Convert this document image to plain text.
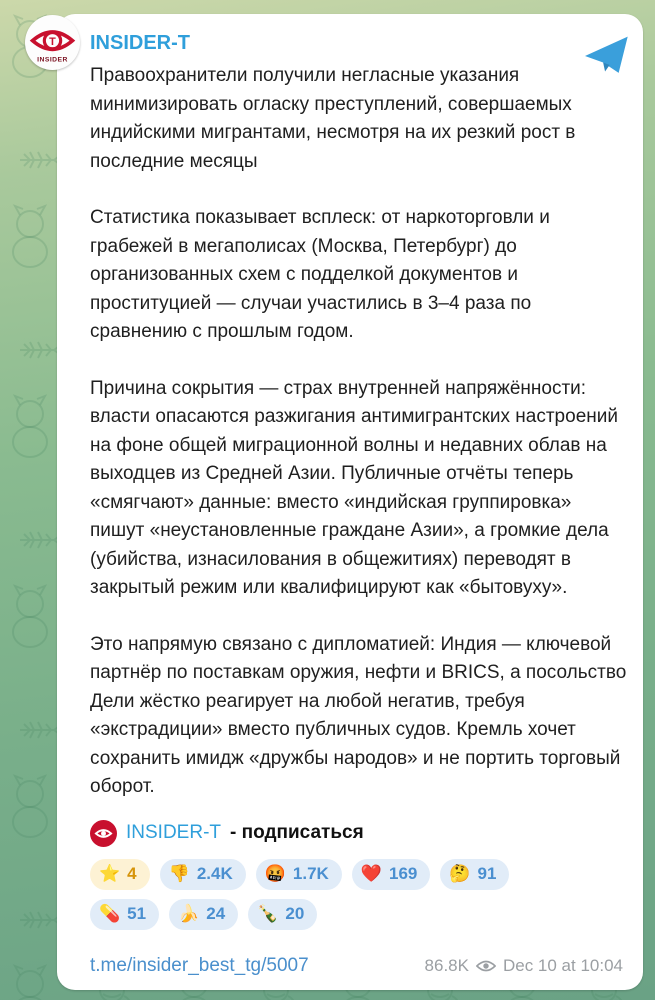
T
INSIDER
INSIDER-T

Правоохранители получили негласные указания минимизировать огласку преступлений, совершаемых индийскими мигрантами, несмотря на их резкий рост в последние месяцы

Статистика показывает всплеск: от наркоторговли и грабежей в мегаполисах (Москва, Петербург) до организованных схем с подделкой документов и проституцией — случаи участились в 3–4 раза по сравнению с прошлым годом.

Причина сокрытия — страх внутренней напряжённости: власти опасаются разжигания антимигрантских настроений на фоне общей миграционной волны и недавних облав на выходцев из Средней Азии. Публичные отчёты теперь «смягчают» данные: вместо «индийская группировка» пишут «неустановленные граждане Азии», а громкие дела (убийства, изнасилования в общежитиях) переводят в закрытый режим или квалифицируют как «бытовуху».

Это напрямую связано с дипломатией: Индия — ключевой партнёр по поставкам оружия, нефти и BRICS, а посольство Дели жёстко реагирует на любой негатив, требуя «экстрадиции» вместо публичных судов. Кремль хочет сохранить имидж «дружбы народов» и не портить торговый оборот.

INSIDER-T - подписаться
⭐ 4 👎 2.4K 🤬 1.7K ❤️ 169 🤔 91
💊 51 🍌 24 🍾 20
t.me/insider_best_tg/5007	86.8K Dec 10 at 10:04
